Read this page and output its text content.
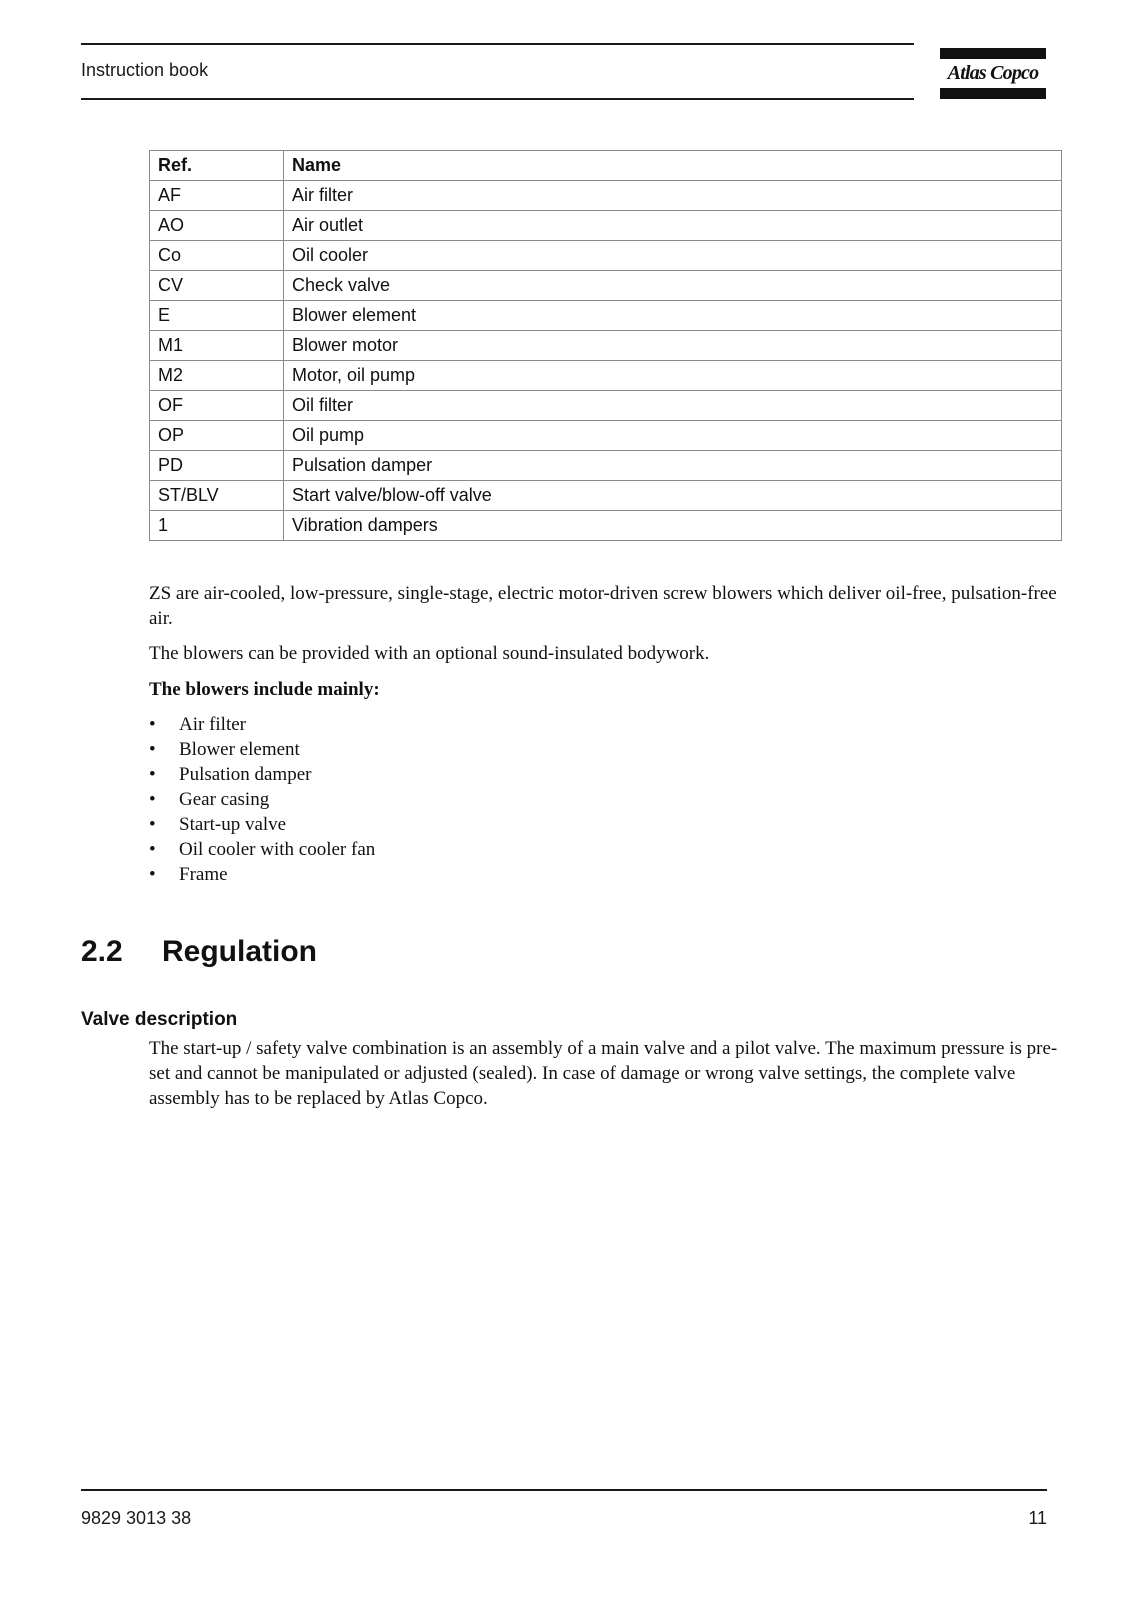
Instruction book	Atlas Copco
Ref.	Name
AF	Air filter
AO	Air outlet
Co	Oil cooler
CV	Check valve
E	Blower element
M1	Blower motor
M2	Motor, oil pump
OF	Oil filter
OP	Oil pump
PD	Pulsation damper
ST/BLV	Start valve/blow-off valve
1	Vibration dampers

ZS are air-cooled, low-pressure, single-stage, electric motor-driven screw blowers which deliver oil-free, pulsation-free air.

The blowers can be provided with an optional sound-insulated bodywork.

The blowers include mainly:

• Air filter
• Blower element
• Pulsation damper
• Gear casing
• Start-up valve
• Oil cooler with cooler fan
• Frame
2.2 Regulation
Valve description

The start-up / safety valve combination is an assembly of a main valve and a pilot valve. The maximum pressure is pre-set and cannot be manipulated or adjusted (sealed). In case of damage or wrong valve settings, the complete valve assembly has to be replaced by Atlas Copco.

9829 3013 38	11
